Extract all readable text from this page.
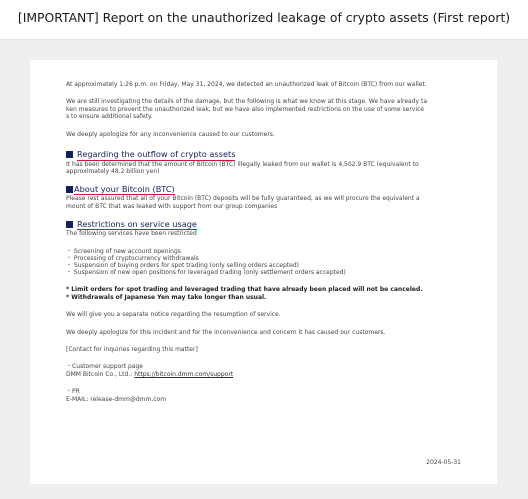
[IMPORTANT] Report on the unauthorized leakage of crypto assets (First report)

At approximately 1:26 p.m. on Friday, May 31, 2024, we detected an unauthorized leak of Bitcoin (BTC) from our wallet.

We are still investigating the details of the damage, but the following is what we know at this stage. We have already ta

ken measures to prevent the unauthorized leak, but we have also implemented restrictions on the use of some service

s to ensure additional safety.

We deeply apologize for any inconvenience caused to our customers.

Regarding the outflow of crypto assets

It has been determined that the amount of Bitcoin (BTC) illegally leaked from our wallet is 4,502.9 BTC (equivalent to

approximately 48.2 billion yen)

About your Bitcoin (BTC)

Please rest assured that all of your Bitcoin (BTC) deposits will be fully guaranteed, as we will procure the equivalent a

mount of BTC that was leaked with support from our group companies

Restrictions on service usage

The following services have been restricted

・ Screening of new account openings
・ Processing of cryptocurrency withdrawals
・ Suspension of buying orders for spot trading (only selling orders accepted)
・ Suspension of new open positions for leveraged trading (only settlement orders accepted)

* Limit orders for spot trading and leveraged trading that have already been placed will not be canceled.

* Withdrawals of Japanese Yen may take longer than usual.

We will give you a separate notice regarding the resumption of service.

We deeply apologize for this incident and for the inconvenience and concern it has caused our customers.

[Contact for inquiries regarding this matter]

・Customer support page

DMM Bitcoin Co., Ltd.: https://bitcoin.dmm.com/support

・PR

E-MAIL: release-dmm@dmm.com

2024-05-31
